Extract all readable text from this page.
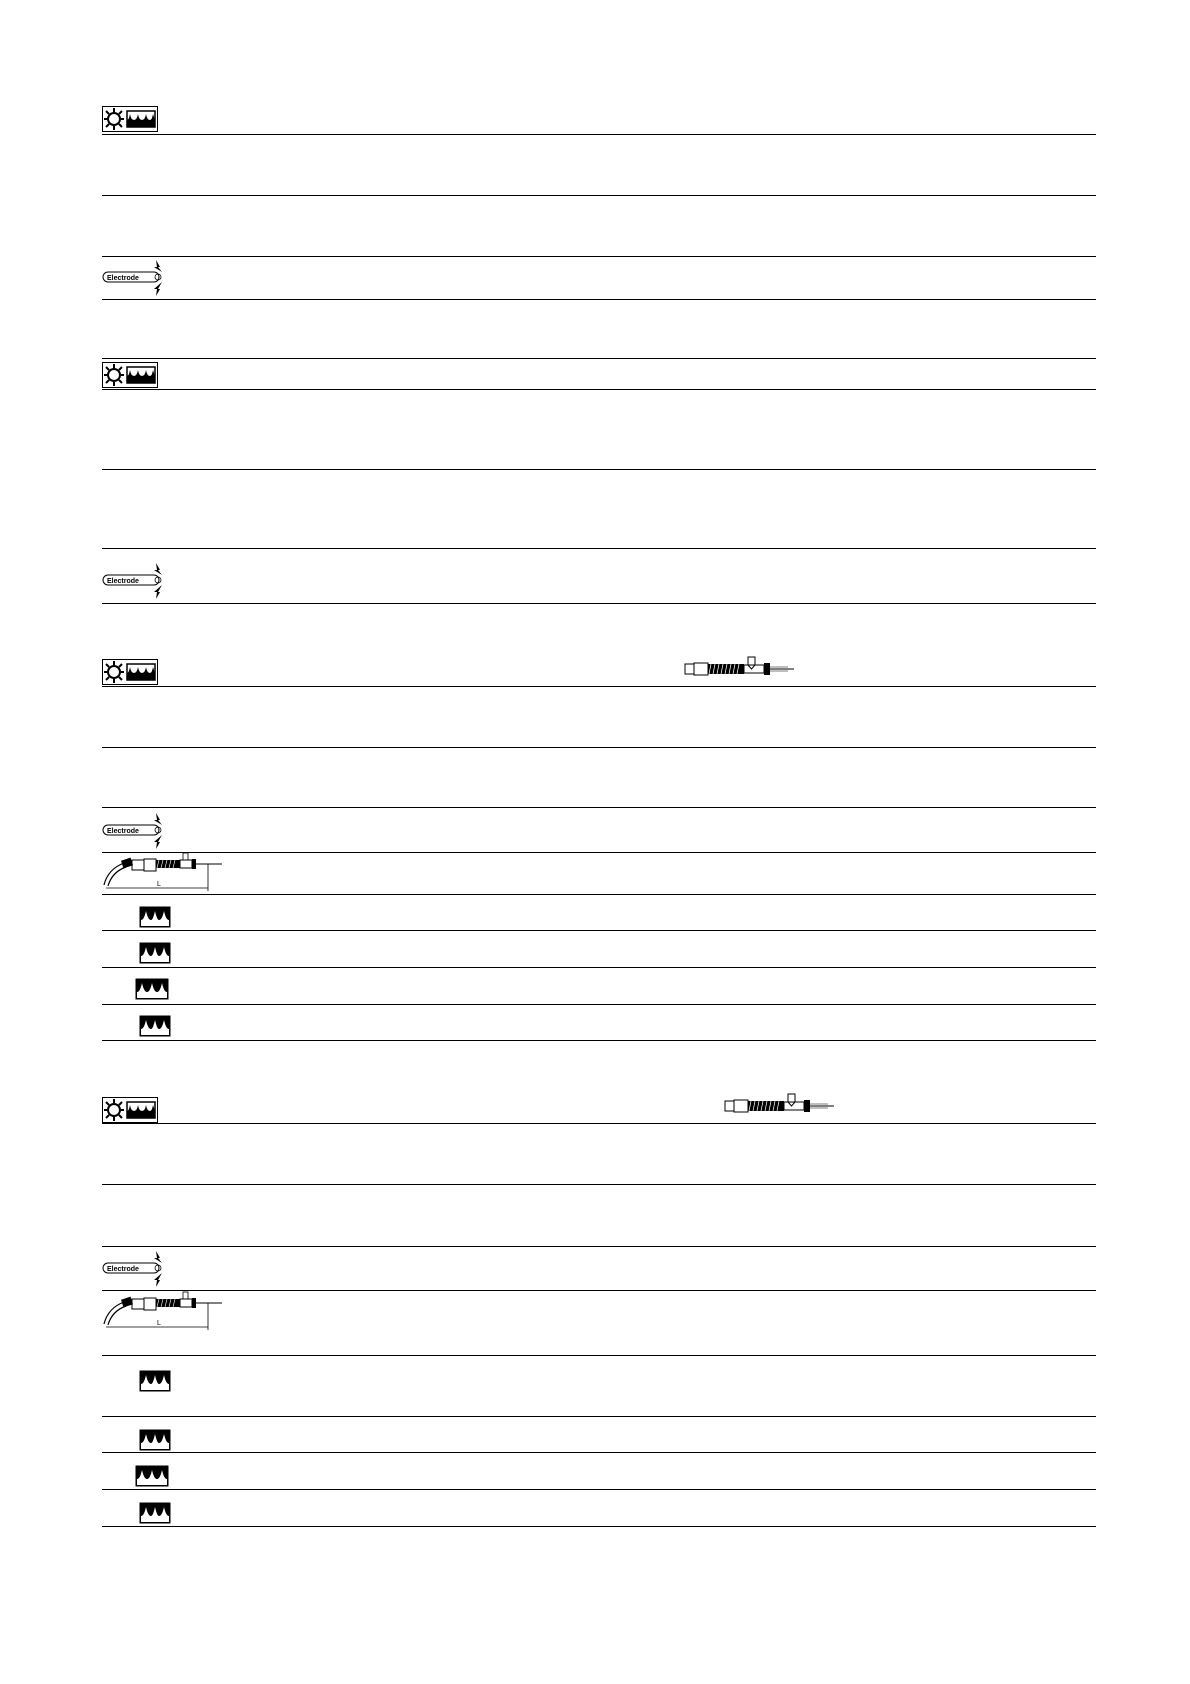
Electrode
Electrode
Electrode
Electrode
L
L
